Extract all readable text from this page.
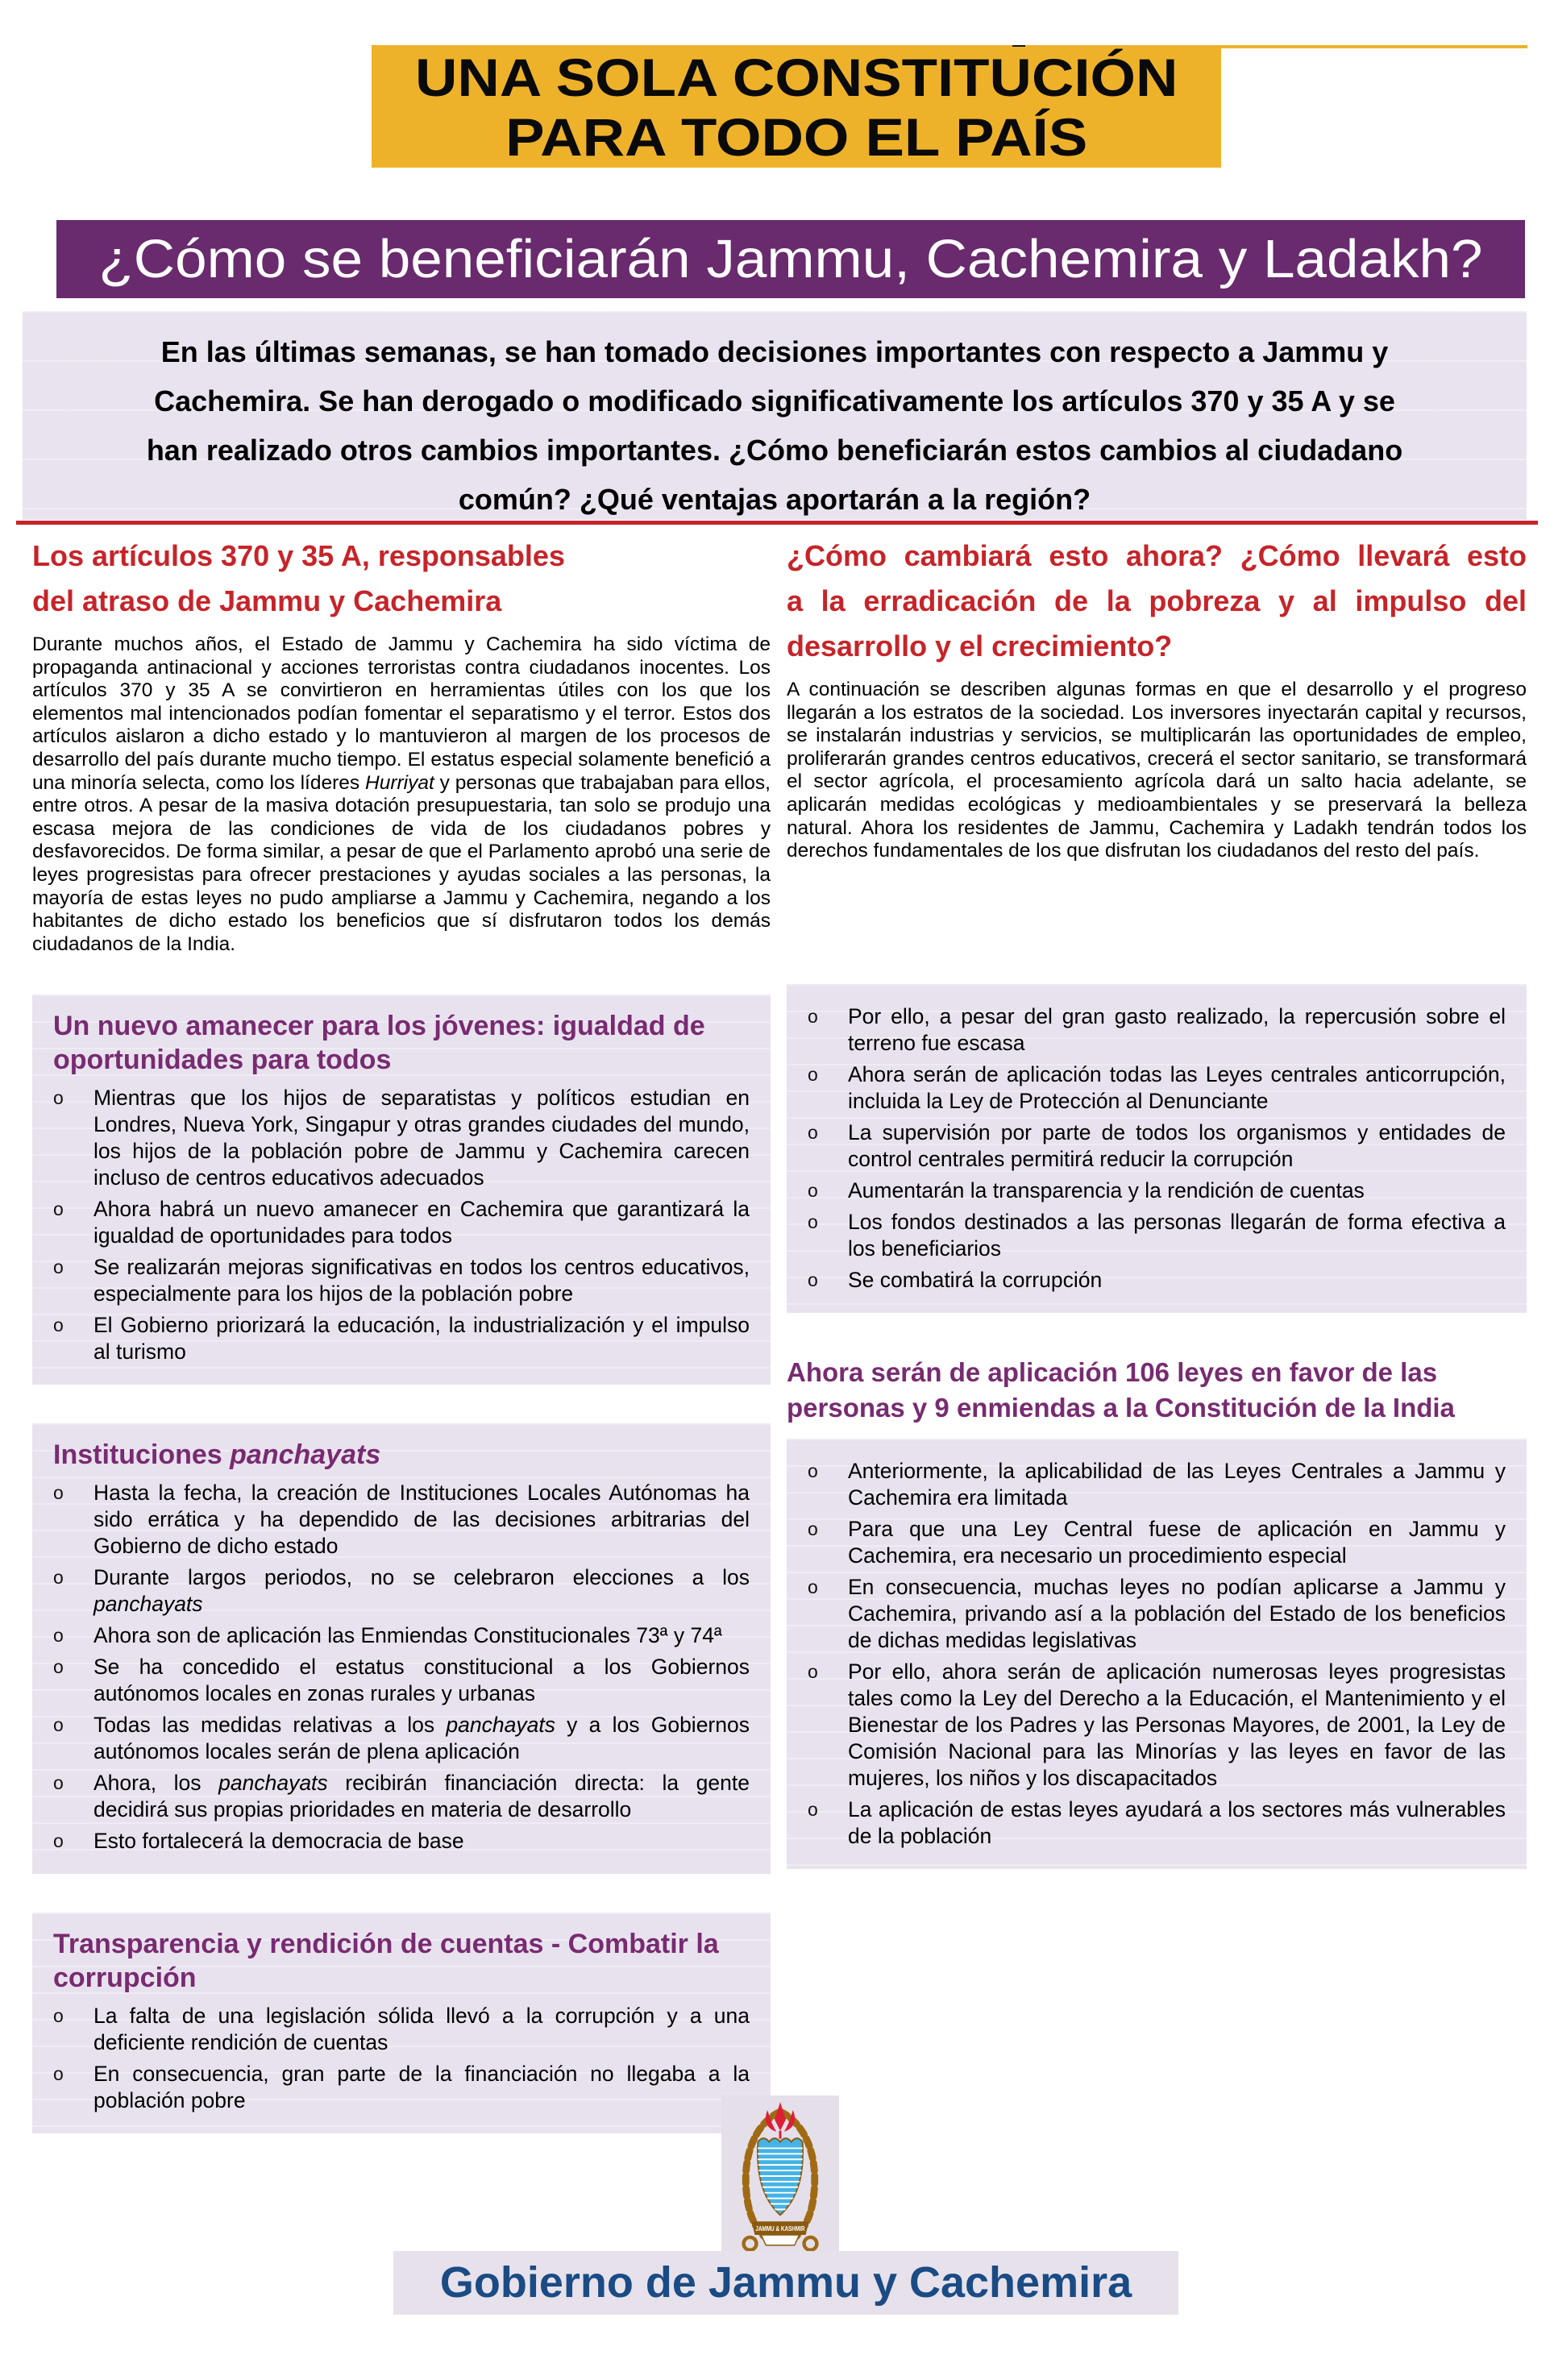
UNA SOLA CONSTITUCIÓN
PARA TODO EL PAÍS
¿Cómo se beneficiarán Jammu, Cachemira y Ladakh?
En las últimas semanas, se han tomado decisiones importantes con respecto a Jammu y Cachemira. Se han derogado o modificado significativamente los artículos 370 y 35 A y se han realizado otros cambios importantes. ¿Cómo beneficiarán estos cambios al ciudadano común? ¿Qué ventajas aportarán a la región?
Los artículos 370 y 35 A, responsables
del atraso de Jammu y Cachemira

Durante muchos años, el Estado de Jammu y Cachemira ha sido víctima de propaganda antinacional y acciones terroristas contra ciudadanos inocentes. Los artículos 370 y 35 A se convirtieron en herramientas útiles con los que los elementos mal intencionados podían fomentar el separatismo y el terror. Estos dos artículos aislaron a dicho estado y lo mantuvieron al margen de los procesos de desarrollo del país durante mucho tiempo. El estatus especial solamente benefició a una minoría selecta, como los líderes Hurriyat y personas que trabajaban para ellos, entre otros. A pesar de la masiva dotación presupuestaria, tan solo se produjo una escasa mejora de las condiciones de vida de los ciudadanos pobres y desfavorecidos. De forma similar, a pesar de que el Parlamento aprobó una serie de leyes progresistas para ofrecer prestaciones y ayudas sociales a las personas, la mayoría de estas leyes no pudo ampliarse a Jammu y Cachemira, negando a los habitantes de dicho estado los beneficios que sí disfrutaron todos los demás ciudadanos de la India.

Un nuevo amanecer para los jóvenes: igualdad de oportunidades para todos
o	Mientras que los hijos de separatistas y políticos estudian en Londres, Nueva York, Singapur y otras grandes ciudades del mundo, los hijos de la población pobre de Jammu y Cachemira carecen incluso de centros educativos adecuados
o	Ahora habrá un nuevo amanecer en Cachemira que garantizará la igualdad de oportunidades para todos
o	Se realizarán mejoras significativas en todos los centros educativos, especialmente para los hijos de la población pobre
o	El Gobierno priorizará la educación, la industrialización y el impulso al turismo
Instituciones panchayats
o	Hasta la fecha, la creación de Instituciones Locales Autónomas ha sido errática y ha dependido de las decisiones arbitrarias del Gobierno de dicho estado
o	Durante largos periodos, no se celebraron elecciones a los panchayats
o	Ahora son de aplicación las Enmiendas Constitucionales 73ª y 74ª
o	Se ha concedido el estatus constitucional a los Gobiernos autónomos locales en zonas rurales y urbanas
o	Todas las medidas relativas a los panchayats y a los Gobiernos autónomos locales serán de plena aplicación
o	Ahora, los panchayats recibirán financiación directa: la gente decidirá sus propias prioridades en materia de desarrollo
o	Esto fortalecerá la democracia de base
Transparencia y rendición de cuentas - Combatir la corrupción
o	La falta de una legislación sólida llevó a la corrupción y a una deficiente rendición de cuentas
o	En consecuencia, gran parte de la financiación no llegaba a la población pobre
¿Cómo cambiará esto ahora? ¿Cómo llevará esto
a la erradicación de la pobreza y al impulso del
desarrollo y el crecimiento?

A continuación se describen algunas formas en que el desarrollo y el progreso llegarán a los estratos de la sociedad. Los inversores inyectarán capital y recursos, se instalarán industrias y servicios, se multiplicarán las oportunidades de empleo, proliferarán grandes centros educativos, crecerá el sector sanitario, se transformará el sector agrícola, el procesamiento agrícola dará un salto hacia adelante, se aplicarán medidas ecológicas y medioambientales y se preservará la belleza natural. Ahora los residentes de Jammu, Cachemira y Ladakh tendrán todos los derechos fundamentales de los que disfrutan los ciudadanos del resto del país.

o	Por ello, a pesar del gran gasto realizado, la repercusión sobre el terreno fue escasa
o	Ahora serán de aplicación todas las Leyes centrales anticorrupción, incluida la Ley de Protección al Denunciante
o	La supervisión por parte de todos los organismos y entidades de control centrales permitirá reducir la corrupción
o	Aumentarán la transparencia y la rendición de cuentas
o	Los fondos destinados a las personas llegarán de forma efectiva a los beneficiarios
o	Se combatirá la corrupción
Ahora serán de aplicación 106 leyes en favor de las personas y 9 enmiendas a la Constitución de la India
o	Anteriormente, la aplicabilidad de las Leyes Centrales a Jammu y Cachemira era limitada
o	Para que una Ley Central fuese de aplicación en Jammu y Cachemira, era necesario un procedimiento especial
o	En consecuencia, muchas leyes no podían aplicarse a Jammu y Cachemira, privando así a la población del Estado de los beneficios de dichas medidas legislativas
o	Por ello, ahora serán de aplicación numerosas leyes progresistas tales como la Ley del Derecho a la Educación, el Mantenimiento y el Bienestar de los Padres y las Personas Mayores, de 2001, la Ley de Comisión Nacional para las Minorías y las leyes en favor de las mujeres, los niños y los discapacitados
o	La aplicación de estas leyes ayudará a los sectores más vulnerables de la población
JAMMU & KASHMIR
Gobierno de Jammu y Cachemira
